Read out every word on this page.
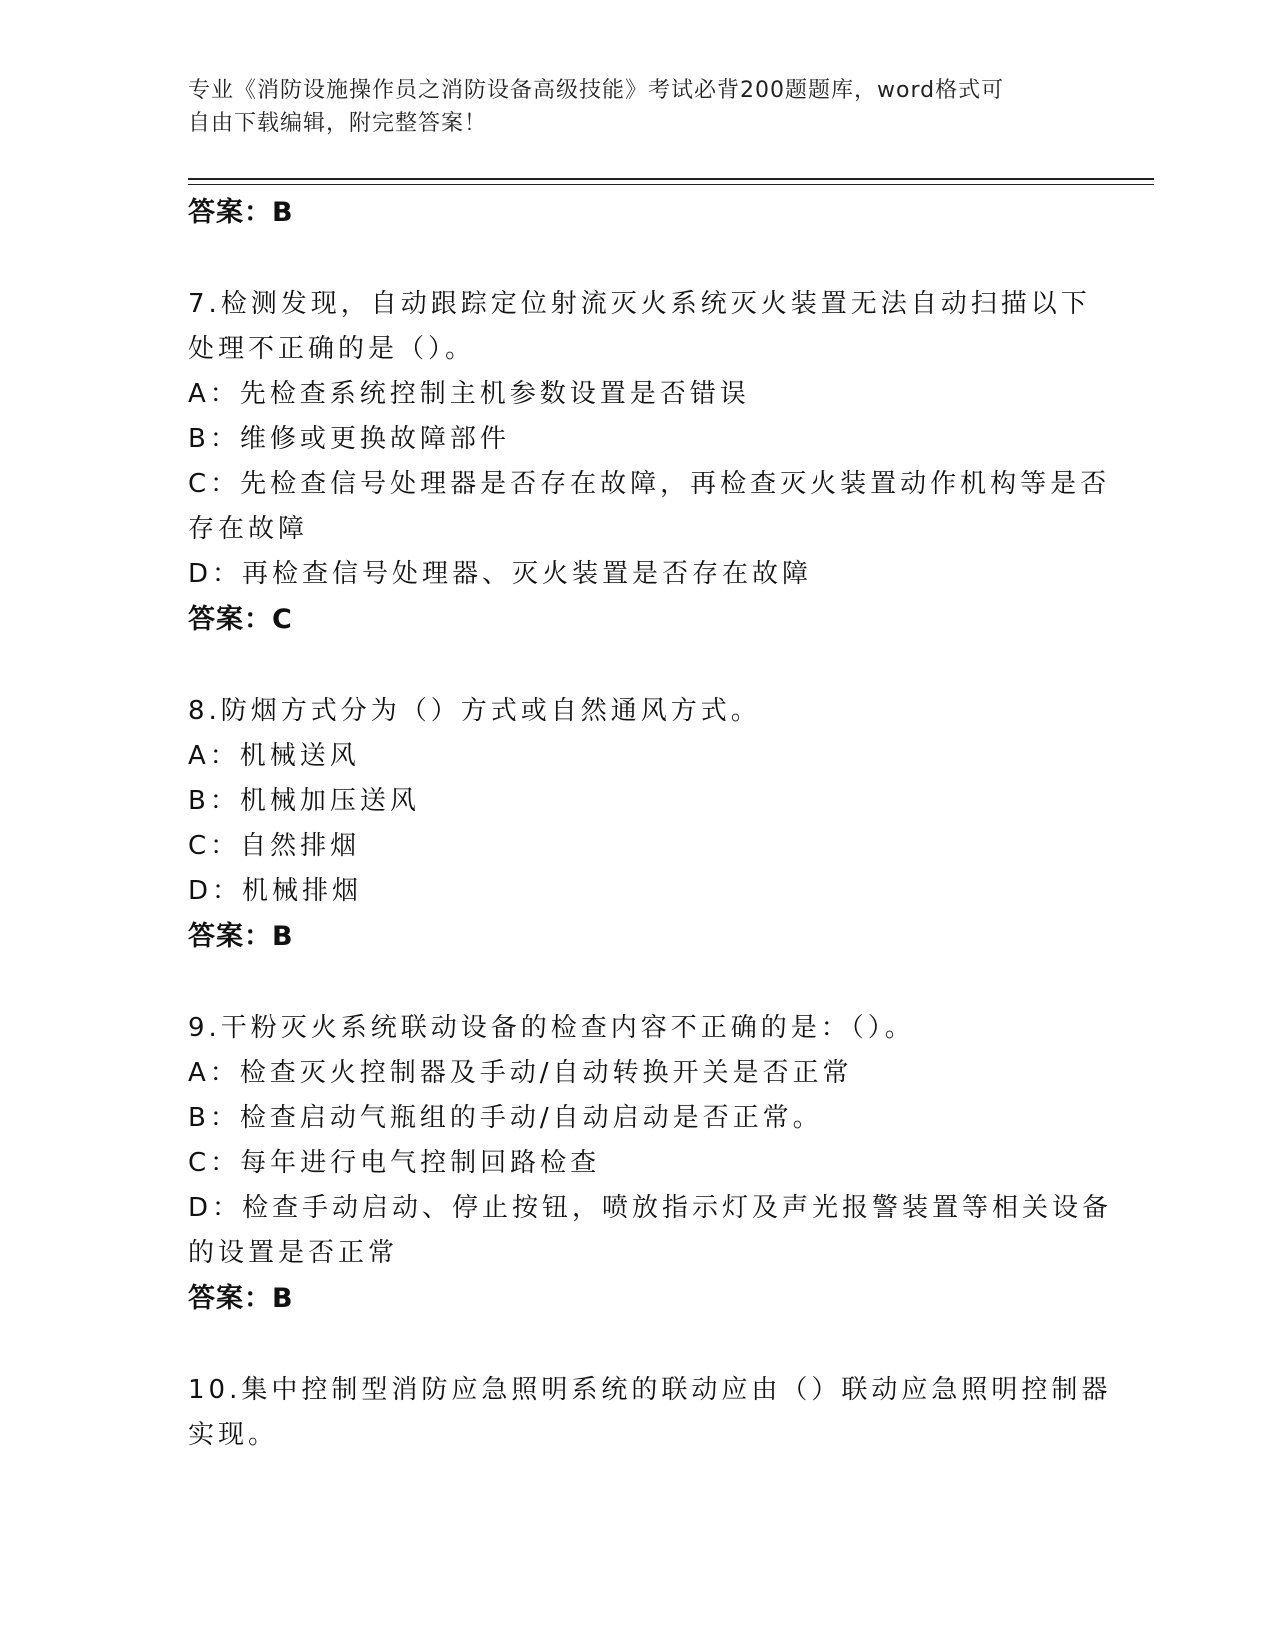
专业《消防设施操作员之消防设备高级技能》考试必背200题题库，word格式可
自由下载编辑，附完整答案！
答案：B
7.检测发现，自动跟踪定位射流灭火系统灭火装置无法自动扫描以下
处理不正确的是（）。
A：先检查系统控制主机参数设置是否错误
B：维修或更换故障部件
C：先检查信号处理器是否存在故障，再检查灭火装置动作机构等是否
存在故障
D：再检查信号处理器、灭火装置是否存在故障
答案：C
8.防烟方式分为（）方式或自然通风方式。
A：机械送风
B：机械加压送风
C：自然排烟
D：机械排烟
答案：B
9.干粉灭火系统联动设备的检查内容不正确的是：（）。
A：检查灭火控制器及手动/自动转换开关是否正常
B：检查启动气瓶组的手动/自动启动是否正常。
C：每年进行电气控制回路检查
D：检查手动启动、停止按钮，喷放指示灯及声光报警装置等相关设备
的设置是否正常
答案：B
10.集中控制型消防应急照明系统的联动应由（）联动应急照明控制器
实现。
